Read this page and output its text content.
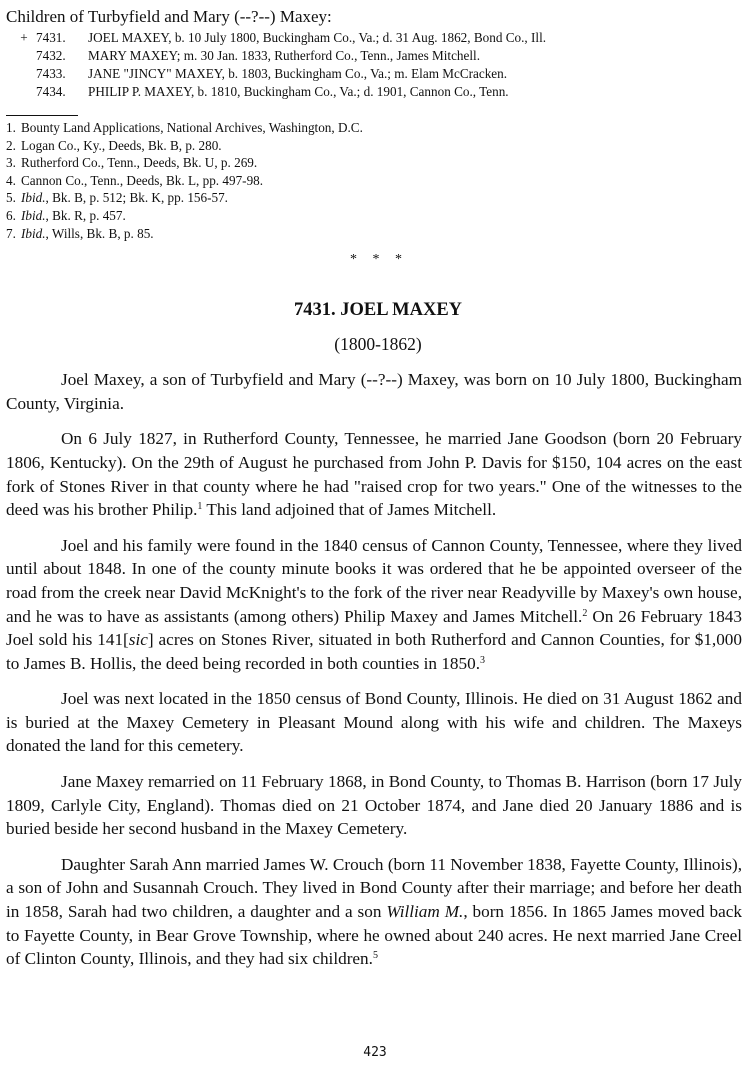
Children of Turbyfield and Mary (--?--) Maxey:

+ 7431. JOEL MAXEY, b. 10 July 1800, Buckingham Co., Va.; d. 31 Aug. 1862, Bond Co., Ill.

7432. MARY MAXEY; m. 30 Jan. 1833, Rutherford Co., Tenn., James Mitchell.

7433. JANE "JINCY" MAXEY, b. 1803, Buckingham Co., Va.; m. Elam McCracken.

7434. PHILIP P. MAXEY, b. 1810, Buckingham Co., Va.; d. 1901, Cannon Co., Tenn.
1. Bounty Land Applications, National Archives, Washington, D.C.
2. Logan Co., Ky., Deeds, Bk. B, p. 280.
3. Rutherford Co., Tenn., Deeds, Bk. U, p. 269.
4. Cannon Co., Tenn., Deeds, Bk. L, pp. 497-98.
5. Ibid., Bk. B, p. 512; Bk. K, pp. 156-57.
6. Ibid., Bk. R, p. 457.
7. Ibid., Wills, Bk. B, p. 85.
* * *
7431. JOEL MAXEY
(1800-1862)

Joel Maxey, a son of Turbyfield and Mary (--?--) Maxey, was born on 10 July 1800, Buckingham County, Virginia.

On 6 July 1827, in Rutherford County, Tennessee, he married Jane Goodson (born 20 February 1806, Kentucky). On the 29th of August he purchased from John P. Davis for $150, 104 acres on the east fork of Stones River in that county where he had "raised crop for two years." One of the witnesses to the deed was his brother Philip.$^1$ This land adjoined that of James Mitchell.

Joel and his family were found in the 1840 census of Cannon County, Tennessee, where they lived until about 1848. In one of the county minute books it was ordered that he be appointed overseer of the road from the creek near David McKnight's to the fork of the river near Readyville by Maxey's own house, and he was to have as assistants (among others) Philip Maxey and James Mitchell.$^2$ On 26 February 1843 Joel sold his 141[sic] acres on Stones River, situated in both Rutherford and Cannon Counties, for $1,000 to James B. Hollis, the deed being recorded in both counties in 1850.$^3$

Joel was next located in the 1850 census of Bond County, Illinois. He died on 31 August 1862 and is buried at the Maxey Cemetery in Pleasant Mound along with his wife and children. The Maxeys donated the land for this cemetery.

Jane Maxey remarried on 11 February 1868, in Bond County, to Thomas B. Harrison (born 17 July 1809, Carlyle City, England). Thomas died on 21 October 1874, and Jane died 20 January 1886 and is buried beside her second husband in the Maxey Cemetery.

Daughter Sarah Ann married James W. Crouch (born 11 November 1838, Fayette County, Illinois), a son of John and Susannah Crouch. They lived in Bond County after their marriage; and before her death in 1858, Sarah had two children, a daughter and a son William M., born 1856. In 1865 James moved back to Fayette County, in Bear Grove Township, where he owned about 240 acres. He next married Jane Creel of Clinton County, Illinois, and they had six children.$^5$

423
